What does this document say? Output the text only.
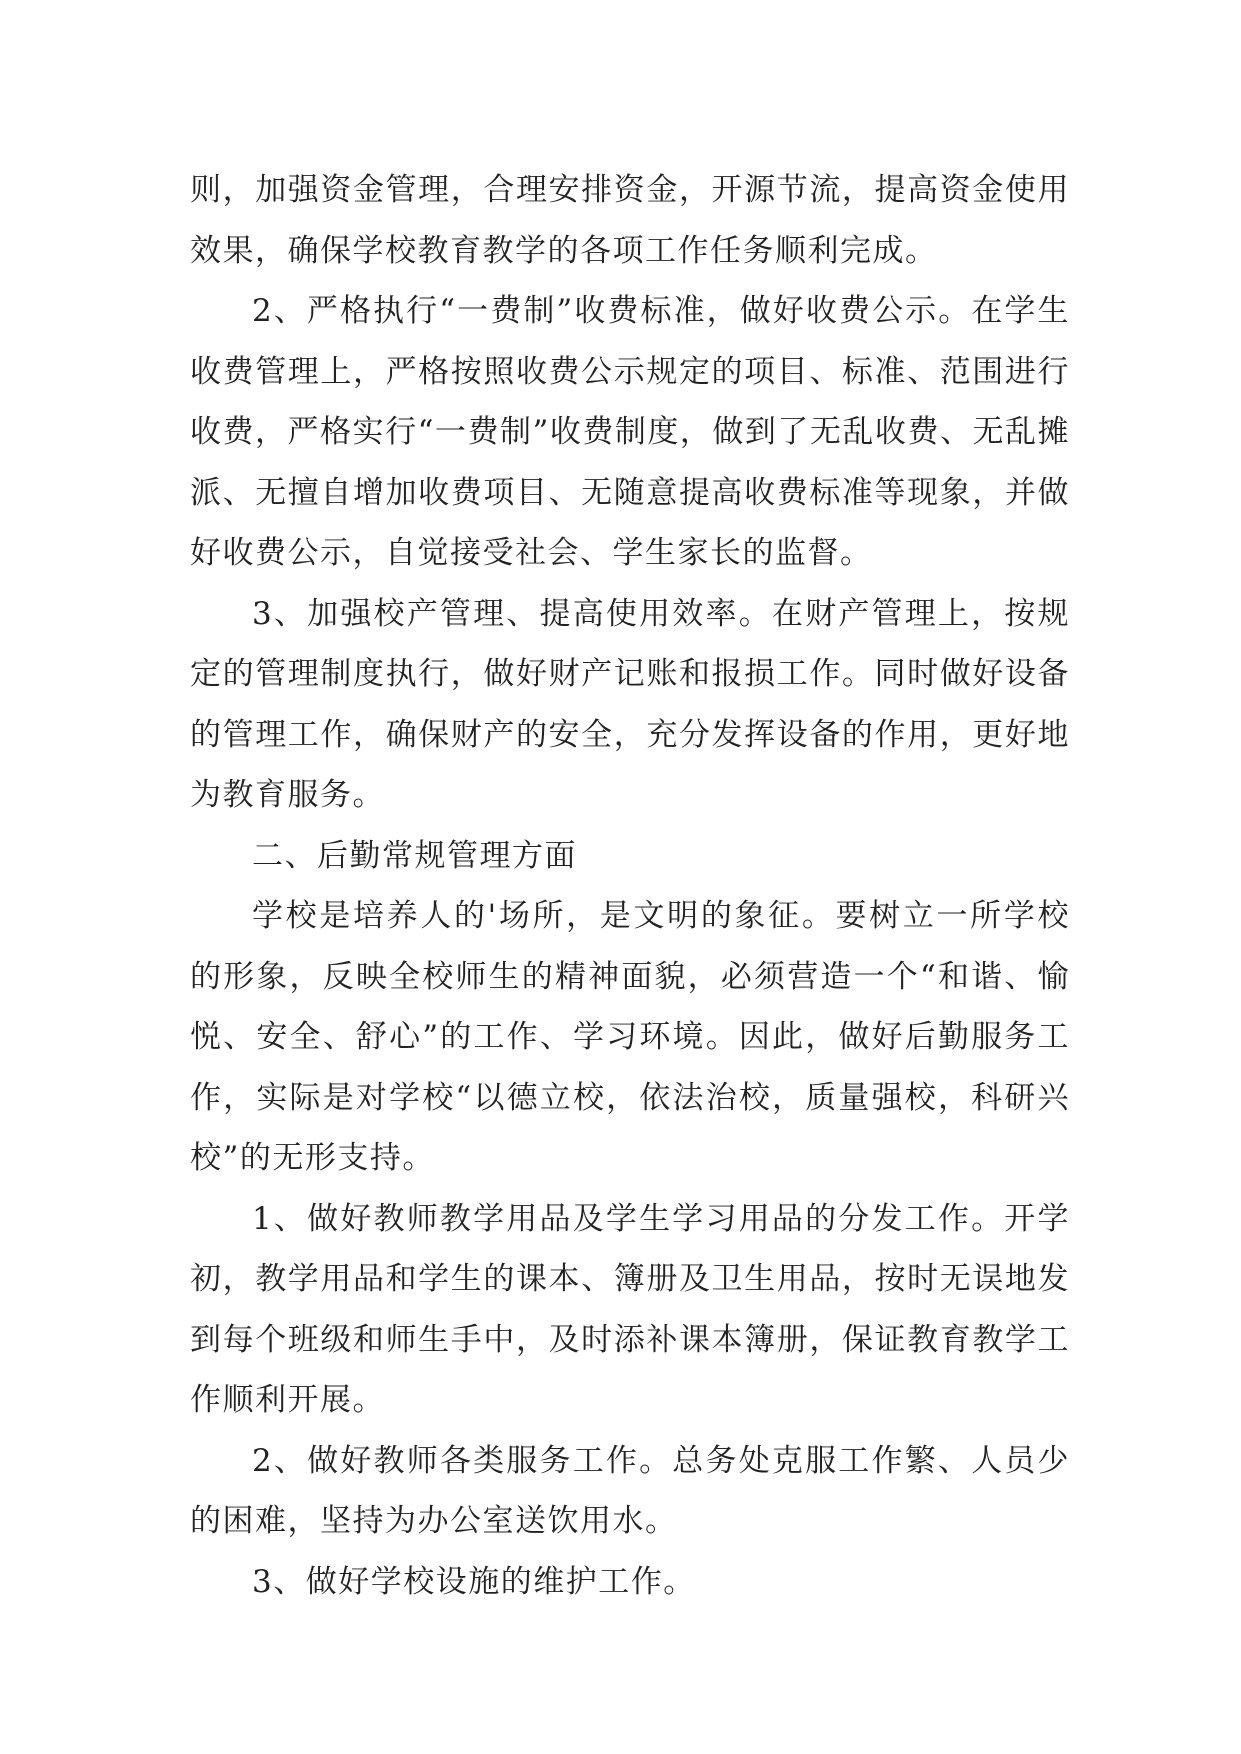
则，加强资金管理，合理安排资金，开源节流，提高资金使用效果，确保学校教育教学的各项工作任务顺利完成。

2、严格执行“一费制”收费标准，做好收费公示。在学生收费管理上，严格按照收费公示规定的项目、标准、范围进行收费，严格实行“一费制”收费制度，做到了无乱收费、无乱摊派、无擅自增加收费项目、无随意提高收费标准等现象，并做好收费公示，自觉接受社会、学生家长的监督。

3、加强校产管理、提高使用效率。在财产管理上，按规定的管理制度执行，做好财产记账和报损工作。同时做好设备的管理工作，确保财产的安全，充分发挥设备的作用，更好地为教育服务。

二、后勤常规管理方面

学校是培养人的'场所，是文明的象征。要树立一所学校的形象，反映全校师生的精神面貌，必须营造一个“和谐、愉悦、安全、舒心”的工作、学习环境。因此，做好后勤服务工作，实际是对学校“以德立校，依法治校，质量强校，科研兴校”的无形支持。

1、做好教师教学用品及学生学习用品的分发工作。开学初，教学用品和学生的课本、簿册及卫生用品，按时无误地发到每个班级和师生手中，及时添补课本簿册，保证教育教学工作顺利开展。

2、做好教师各类服务工作。总务处克服工作繁、人员少的困难，坚持为办公室送饮用水。

3、做好学校设施的维护工作。
